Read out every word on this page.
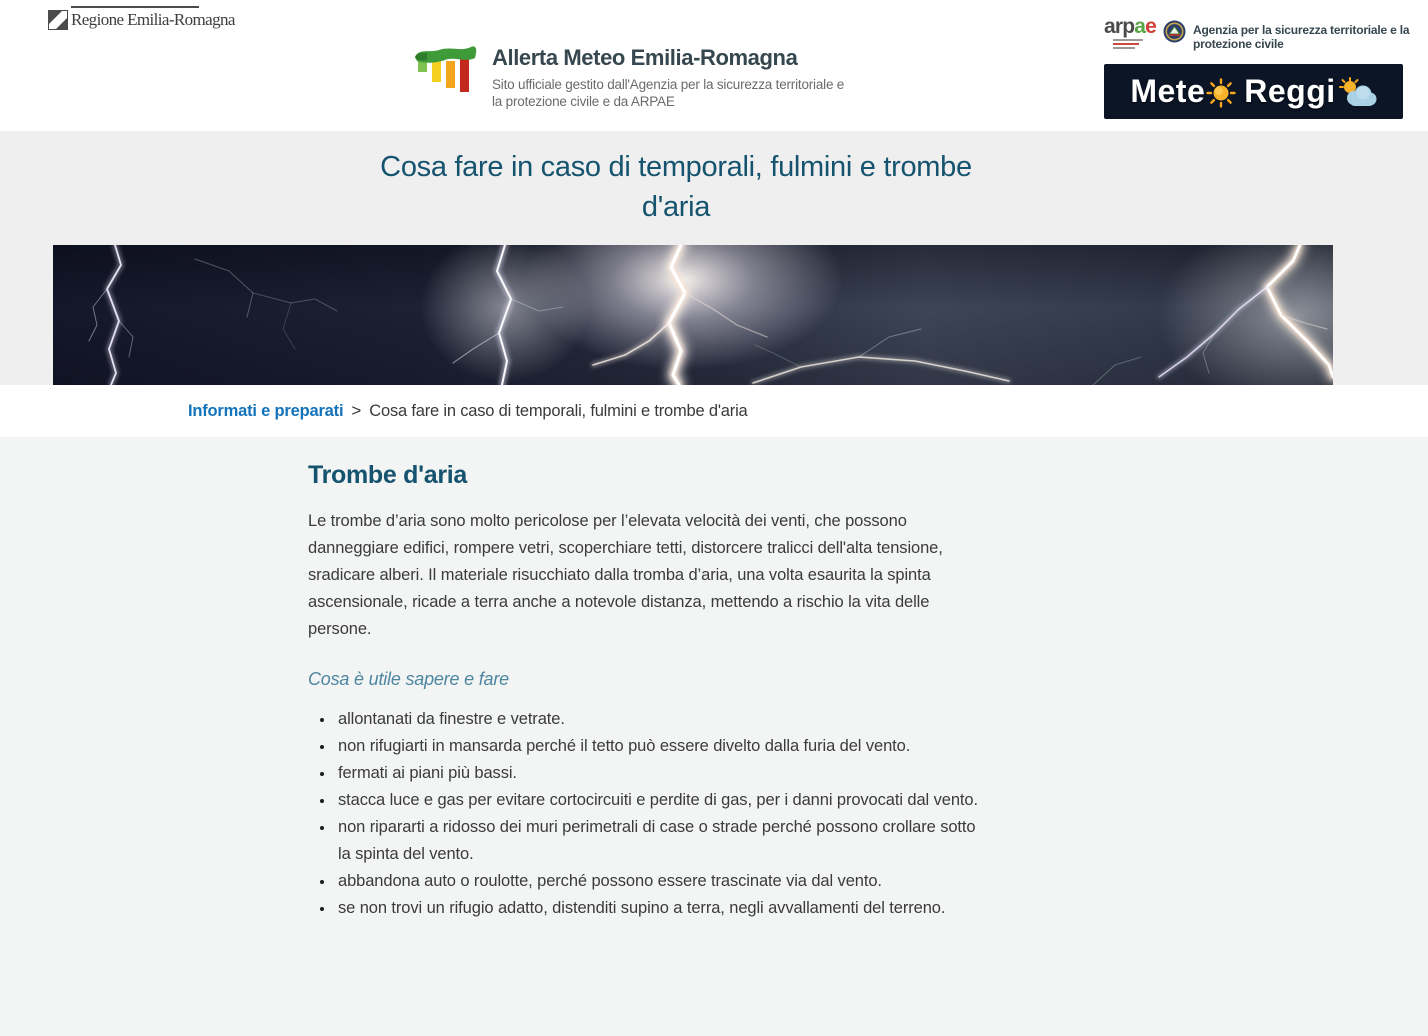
Regione Emilia-Romagna
Allerta Meteo Emilia-Romagna
Sito ufficiale gestito dall'Agenzia per la sicurezza territoriale e
la protezione civile e da ARPAE
arpae	Agenzia per la sicurezza territoriale e la
protezione civile
Mete Reggi
Cosa fare in caso di temporali, fulmini e trombe
d'aria
Informati e preparati > Cosa fare in caso di temporali, fulmini e trombe d'aria
Trombe d'aria

Le trombe d’aria sono molto pericolose per l’elevata velocità dei venti, che possono danneggiare edifici, rompere vetri, scoperchiare tetti, distorcere tralicci dell'alta tensione, sradicare alberi. Il materiale risucchiato dalla tromba d’aria, una volta esaurita la spinta ascensionale, ricade a terra anche a notevole distanza, mettendo a rischio la vita delle persone.

Cosa è utile sapere e fare
• allontanati da finestre e vetrate.
• non rifugiarti in mansarda perché il tetto può essere divelto dalla furia del vento.
• fermati ai piani più bassi.
• stacca luce e gas per evitare cortocircuiti e perdite di gas, per i danni provocati dal vento.
• non ripararti a ridosso dei muri perimetrali di case o strade perché possono crollare sotto la spinta del vento.
• abbandona auto o roulotte, perché possono essere trascinate via dal vento.
• se non trovi un rifugio adatto, distenditi supino a terra, negli avvallamenti del terreno.
